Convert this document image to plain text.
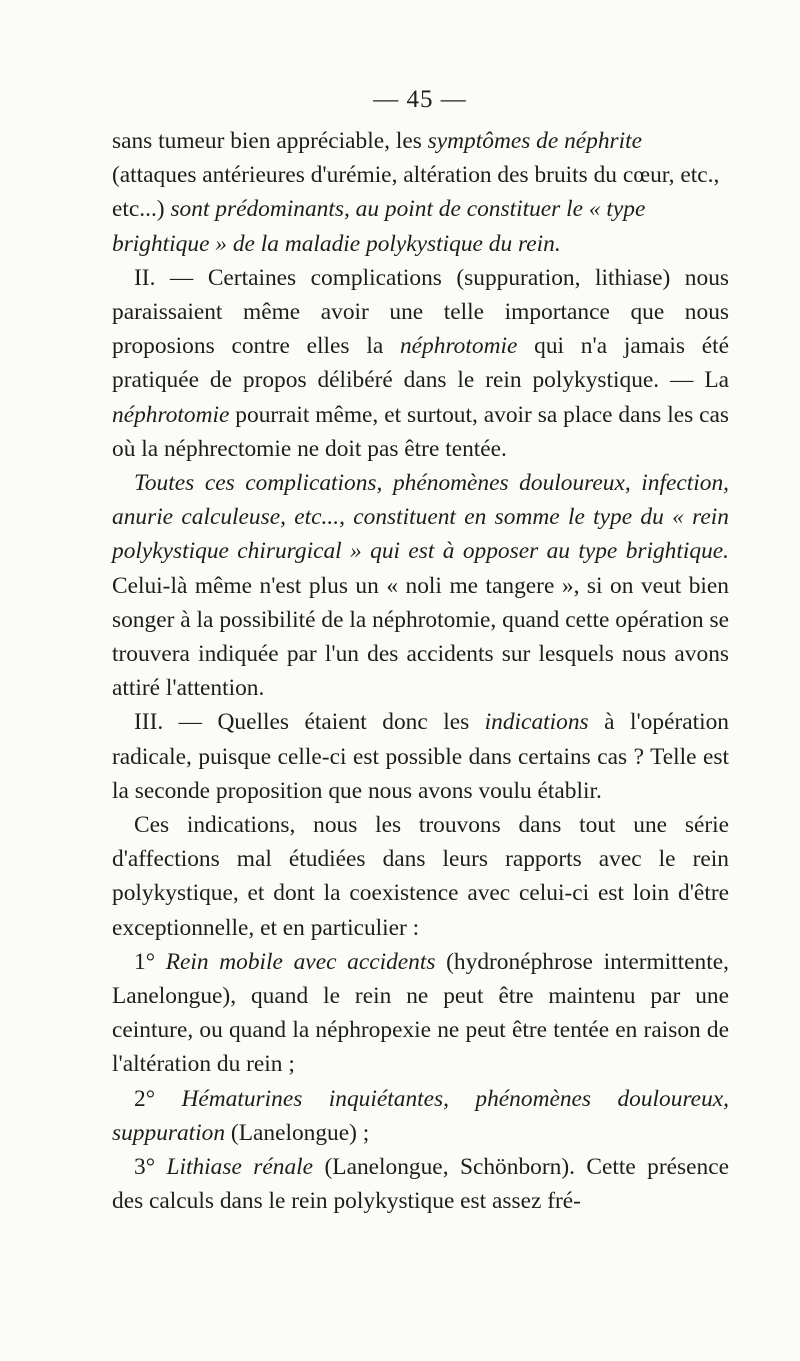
— 45 —

sans tumeur bien appréciable, les symptômes de néphrite (attaques antérieures d'urémie, altération des bruits du cœur, etc., etc...) sont prédominants, au point de constituer le « type brightique » de la maladie polykystique du rein.

II. — Certaines complications (suppuration, lithiase) nous paraissaient même avoir une telle importance que nous proposions contre elles la néphrotomie qui n'a jamais été pratiquée de propos délibéré dans le rein polykystique. — La néphrotomie pourrait même, et surtout, avoir sa place dans les cas où la néphrectomie ne doit pas être tentée.

Toutes ces complications, phénomènes douloureux, infection, anurie calculeuse, etc..., constituent en somme le type du « rein polykystique chirurgical » qui est à opposer au type brightique. Celui-là même n'est plus un « noli me tangere », si on veut bien songer à la possibilité de la néphrotomie, quand cette opération se trouvera indiquée par l'un des accidents sur lesquels nous avons attiré l'attention.

III. — Quelles étaient donc les indications à l'opération radicale, puisque celle-ci est possible dans certains cas ? Telle est la seconde proposition que nous avons voulu établir.

Ces indications, nous les trouvons dans tout une série d'affections mal étudiées dans leurs rapports avec le rein polykystique, et dont la coexistence avec celui-ci est loin d'être exceptionnelle, et en particulier :

1° Rein mobile avec accidents (hydronéphrose intermittente, Lanelongue), quand le rein ne peut être maintenu par une ceinture, ou quand la néphropexie ne peut être tentée en raison de l'altération du rein ;

2° Hématurines inquiétantes, phénomènes douloureux, suppuration (Lanelongue) ;

3° Lithiase rénale (Lanelongue, Schönborn). Cette présence des calculs dans le rein polykystique est assez fré-
